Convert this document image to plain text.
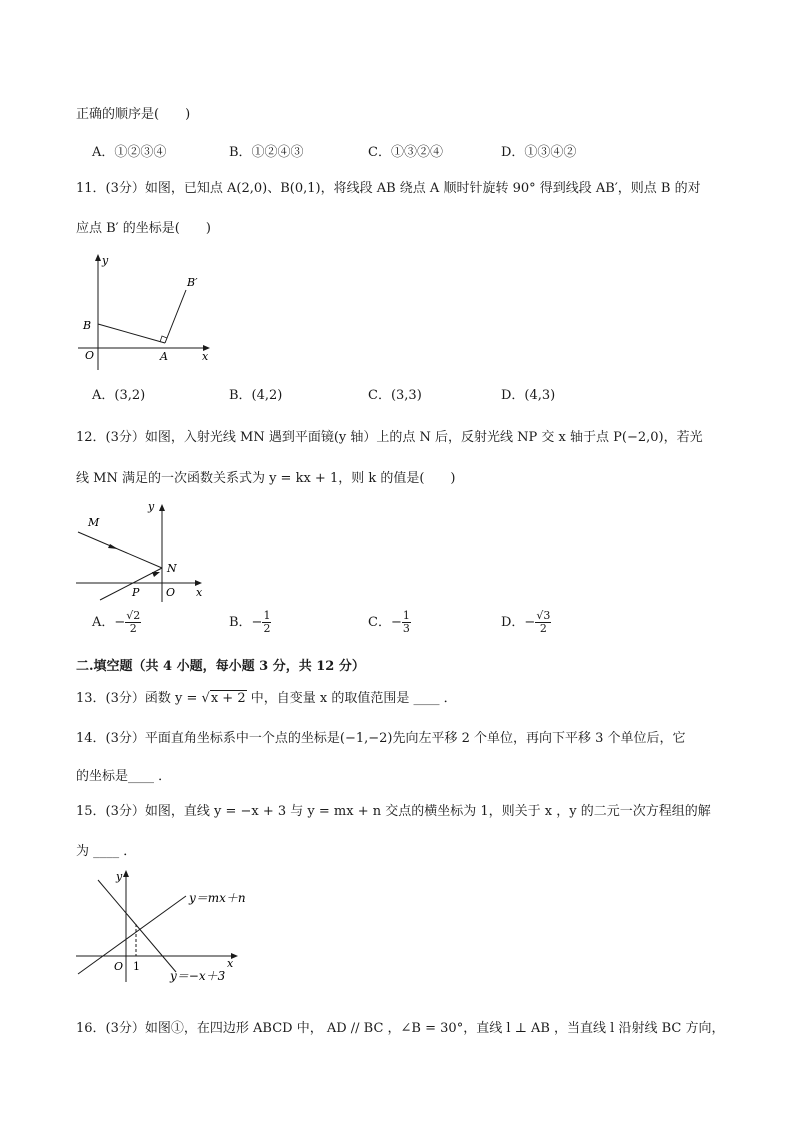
正确的顺序是(　　)
A．①②③④	B．①②④③	C．①③②④	D．①③④②
11．(3分）如图，已知点 A(2,0)、B(0,1)，将线段 AB 绕点 A 顺时针旋转 90° 得到线段 AB′，则点 B 的对
应点 B′ 的坐标是(　　)
y
x
O	A
B
B′
A．(3,2)	B．(4,2)	C．(3,3)	D．(4,3)
12．(3分）如图，入射光线 MN 遇到平面镜(y 轴）上的点 N 后，反射光线 NP 交 x 轴于点 P(−2,0)，若光
线 MN 满足的一次函数关系式为 y = kx + 1，则 k 的值是(　　)
y
x
O
M
N
P
A．− $\frac{√2}{2}$	B．− $\frac{1}{2}$	C．− $\frac{1}{3}$	D．− $\frac{√3}{2}$
二.填空题（共 4 小题，每小题 3 分，共 12 分）
13．(3分）函数 y = √x + 2 中，自变量 x 的取值范围是 ____ ．
14．(3分）平面直角坐标系中一个点的坐标是(−1,−2)先向左平移 2 个单位，再向下平移 3 个单位后，它
的坐标是____ ．
15．(3分）如图，直线 y = −x + 3 与 y = mx + n 交点的横坐标为 1，则关于 x ，y 的二元一次方程组的解
为 ____ ．
y
x
O 1
y＝mx＋n
y＝−x＋3
16．(3分）如图①，在四边形 ABCD 中， AD // BC ，∠B = 30°，直线 l ⊥ AB ，当直线 l 沿射线 BC 方向，
